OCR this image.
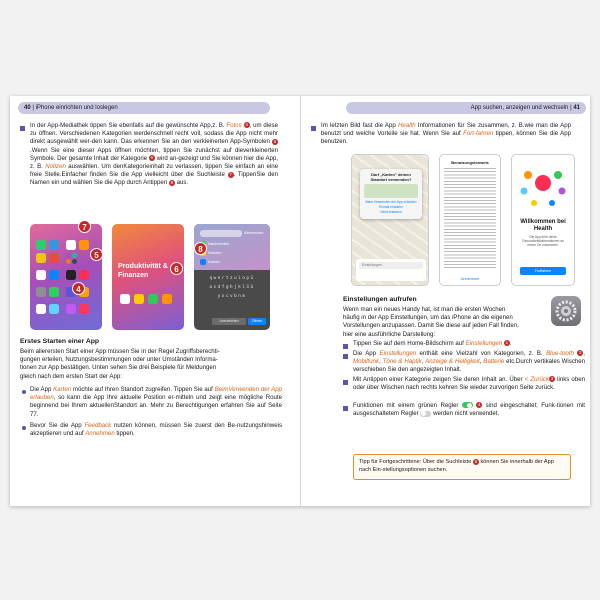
40 | iPhone einrichten und loslegen
In der App-Mediathek tippen Sie ebenfalls auf die gewünschte App,z. B. Fotos 4 , um diese zu öffnen. Verschiedenen Kategorien werdenschnell recht voll, sodass die App nicht mehr direkt ausgewählt wer-den kann. Das erkennen Sie an den verkleinerten App-Symbolen 5.Wenn Sie eine dieser Apps öffnen möchten, tippen Sie zunächst auf dieverkleinerten Symbole. Der gesamte Inhalt der Kategorie 6 wird an-gezeigt und Sie können hier die App, z. B. Notizen auswählen. Um denKategorieinhalt zu verlassen, tippen Sie einfach an eine freie Stelle.Einfacher finden Sie die App vielleicht über die Suchleiste 7 . TippenSie den Namen ein und wählen Sie die App durch Antippen 8 aus.
7
5
4
Produktivität & Finanzen
6
Abbrechen
Nachrichten
Notizen
Karten
qwertzuiopü
asdfghjklöä
yxcvbnm
Leerzeichen	Öffnen
8
Erstes Starten einer App
Beim allerersten Start einer App müssen Sie in der Regel Zugriffsberechti-
gungen erteilen, Nutzungsbestimmungen oder unter Umständen Informa-
tionen zur App bestätigen. Unten sehen Sie drei Beispiele für Meldungen
gleich nach dem ersten Start der App:
Die App Karten möchte auf Ihren Standort zugreifen. Tippen Sie auf BeimVerwenden der App erlauben, so kann die App Ihre aktuelle Position er-mitteln und zeigt eine mögliche Route beginnend bei Ihrem aktuellenStandort an. Mehr zu Berechtigungen erfahren Sie auf Seite 77.
Bevor Sie die App Feedback nutzen können, müssen Sie zuerst den Be-nutzungshinweis akzeptieren und auf Annehmen tippen.
App suchen, anzeigen und wechseln | 41
Im letzten Bild fast die App Health Informationen für Sie zusammen, z. B.wie man die App benutzt und welche Vorteile sie hat. Wenn Sie auf Fort-fahren tippen, können Sie die App benutzen.
Darf „Karten" deinen Standort verwenden?
Beim Verwenden der App erlauben
Einmal erlauben
Nicht erlauben
Einstellungen
Benutzungshinweis
Annehmen
Willkommen bei Health
Die App führt deine Gesundheitsinformationen an einem Ort zusammen.
Fortfahren
Einstellungen aufrufen
Wenn man ein neues Handy hat, ist man die ersten Wochen
häufig in der App Einstellungen, um das iPhone an die eigenen
Vorstellungen anzupassen. Damit Sie diese auf jeden Fall finden,
hier eine ausführliche Darstellung:
Tippen Sie auf dem Home-Bildschirm auf Einstellungen 1 .
Die App Einstellungen enthält eine Vielzahl von Kategorien, z. B. Blue-tooth 2 , Mobilfunk, Töne & Haptik, Anzeige & Helligkeit, Batterie etc.Durch vertikales Wischen verschieben Sie den angezeigten Inhalt.
Mit Antippen einer Kategorie zeigen Sie deren Inhalt an. Über < Zurück 3 links oben oder über Wischen nach rechts kehren Sie wieder zurvorigen Seite zurück.
Funktionen mit einem grünen Regler	4 sind eingeschaltet; Funk-tionen mit ausgeschaltetem Regler  werden nicht verwendet.
Tipp für Fortgeschrittene: Über die Suchleiste 5 können Sie innerhalb der App nach Ein-stellungsoptionen suchen.
